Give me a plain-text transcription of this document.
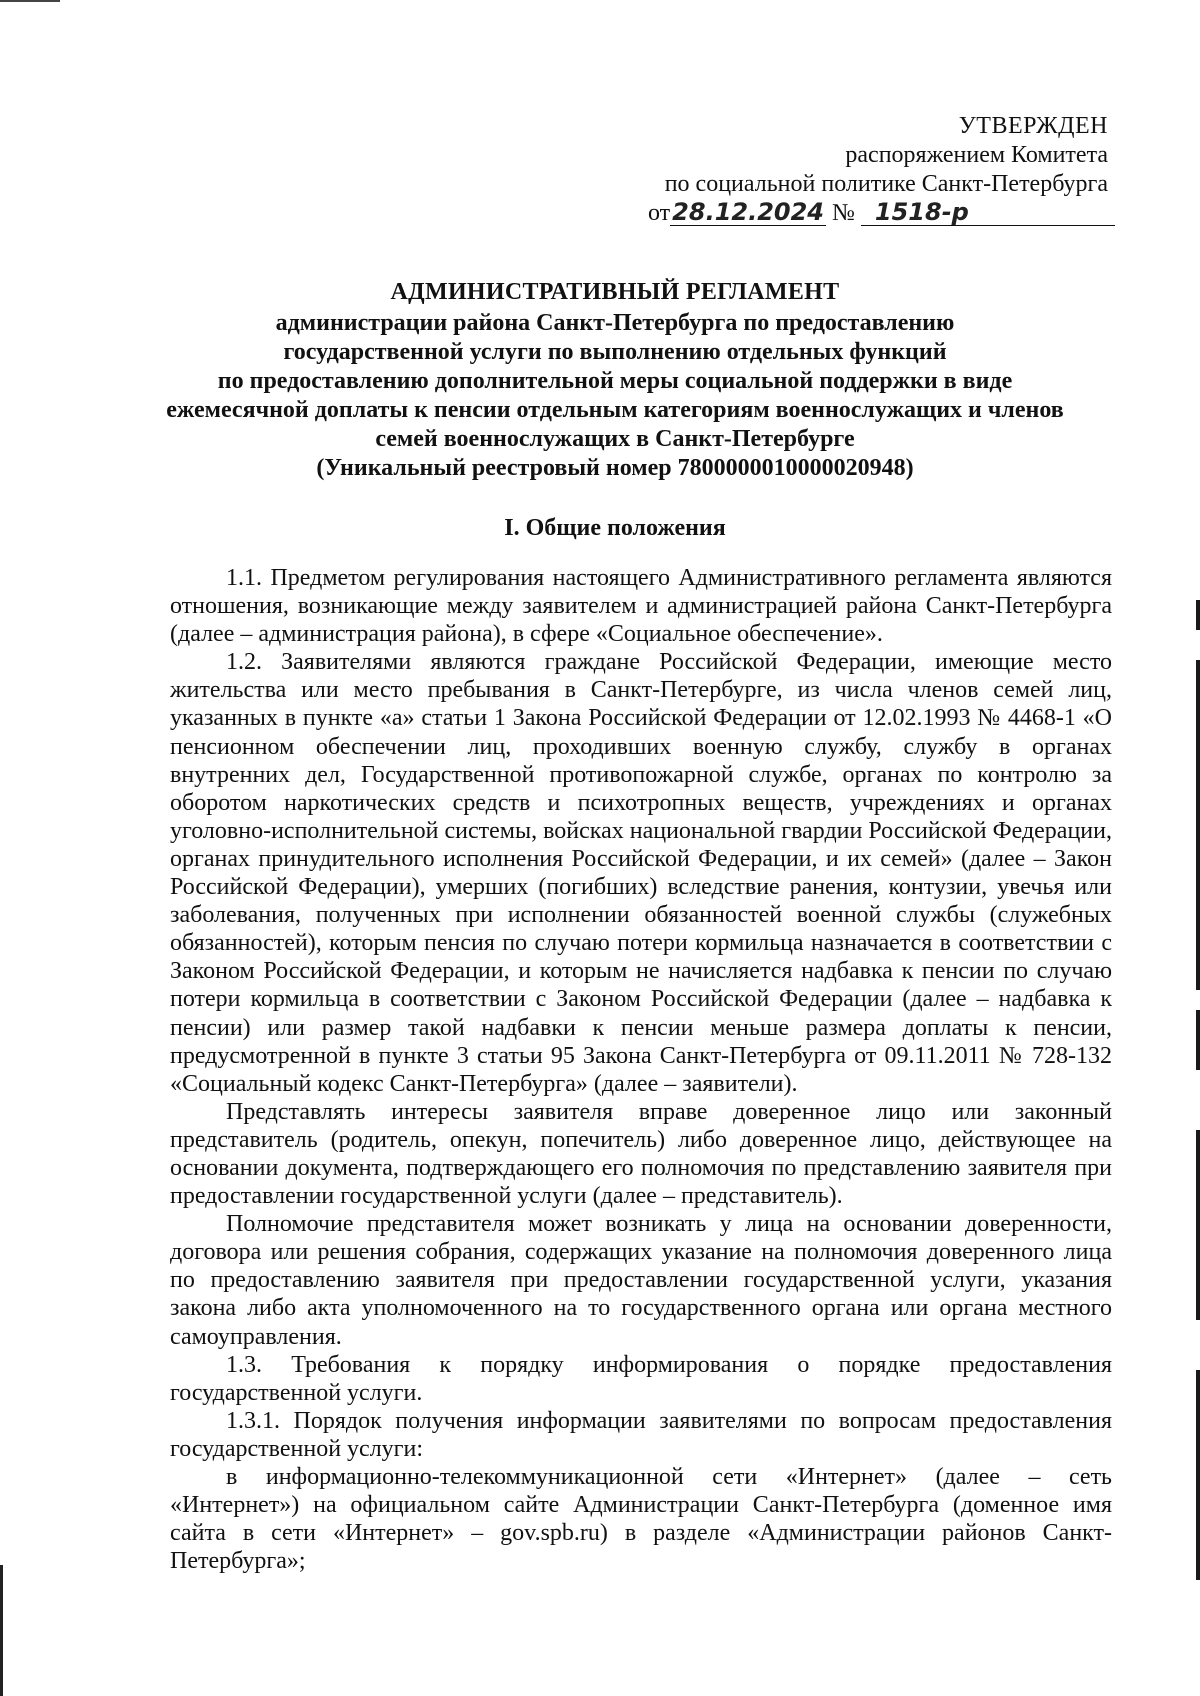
УТВЕРЖДЕН
распоряжением Комитета
по социальной политике Санкт-Петербурга
от28.12.2024 № 1518-р
АДМИНИСТРАТИВНЫЙ РЕГЛАМЕНТ
администрации района Санкт-Петербурга по предоставлению
государственной услуги по выполнению отдельных функций
по предоставлению дополнительной меры социальной поддержки в виде
ежемесячной доплаты к пенсии отдельным категориям военнослужащих и членов
семей военнослужащих в Санкт-Петербурге
(Уникальный реестровый номер 7800000010000020948)
I. Общие положения

1.1. Предметом регулирования настоящего Административного регламента являются отношения, возникающие между заявителем и администрацией района Санкт-Петербурга (далее – администрация района), в сфере «Социальное обеспечение».

1.2. Заявителями являются граждане Российской Федерации, имеющие место жительства или место пребывания в Санкт-Петербурге, из числа членов семей лиц, указанных в пункте «а» статьи 1 Закона Российской Федерации от 12.02.1993 № 4468-1 «О пенсионном обеспечении лиц, проходивших военную службу, службу в органах внутренних дел, Государственной противопожарной службе, органах по контролю за оборотом наркотических средств и психотропных веществ, учреждениях и органах уголовно-исполнительной системы, войсках национальной гвардии Российской Федерации, органах принудительного исполнения Российской Федерации, и их семей» (далее – Закон Российской Федерации), умерших (погибших) вследствие ранения, контузии, увечья или заболевания, полученных при исполнении обязанностей военной службы (служебных обязанностей), которым пенсия по случаю потери кормильца назначается в соответствии с Законом Российской Федерации, и которым не начисляется надбавка к пенсии по случаю потери кормильца в соответствии с Законом Российской Федерации (далее – надбавка к пенсии) или размер такой надбавки к пенсии меньше размера доплаты к пенсии, предусмотренной в пункте 3 статьи 95 Закона Санкт-Петербурга от 09.11.2011 № 728-132 «Социальный кодекс Санкт-Петербурга» (далее – заявители).

Представлять интересы заявителя вправе доверенное лицо или законный представитель (родитель, опекун, попечитель) либо доверенное лицо, действующее на основании документа, подтверждающего его полномочия по представлению заявителя при предоставлении государственной услуги (далее – представитель).

Полномочие представителя может возникать у лица на основании доверенности, договора или решения собрания, содержащих указание на полномочия доверенного лица по предоставлению заявителя при предоставлении государственной услуги, указания закона либо акта уполномоченного на то государственного органа или органа местного самоуправления.

1.3. Требования к порядку информирования о порядке предоставления государственной услуги.

1.3.1. Порядок получения информации заявителями по вопросам предоставления государственной услуги:

в информационно-телекоммуникационной сети «Интернет» (далее – сеть «Интернет») на официальном сайте Администрации Санкт-Петербурга (доменное имя сайта в сети «Интернет» – gov.spb.ru) в разделе «Администрации районов Санкт-Петербурга»;
